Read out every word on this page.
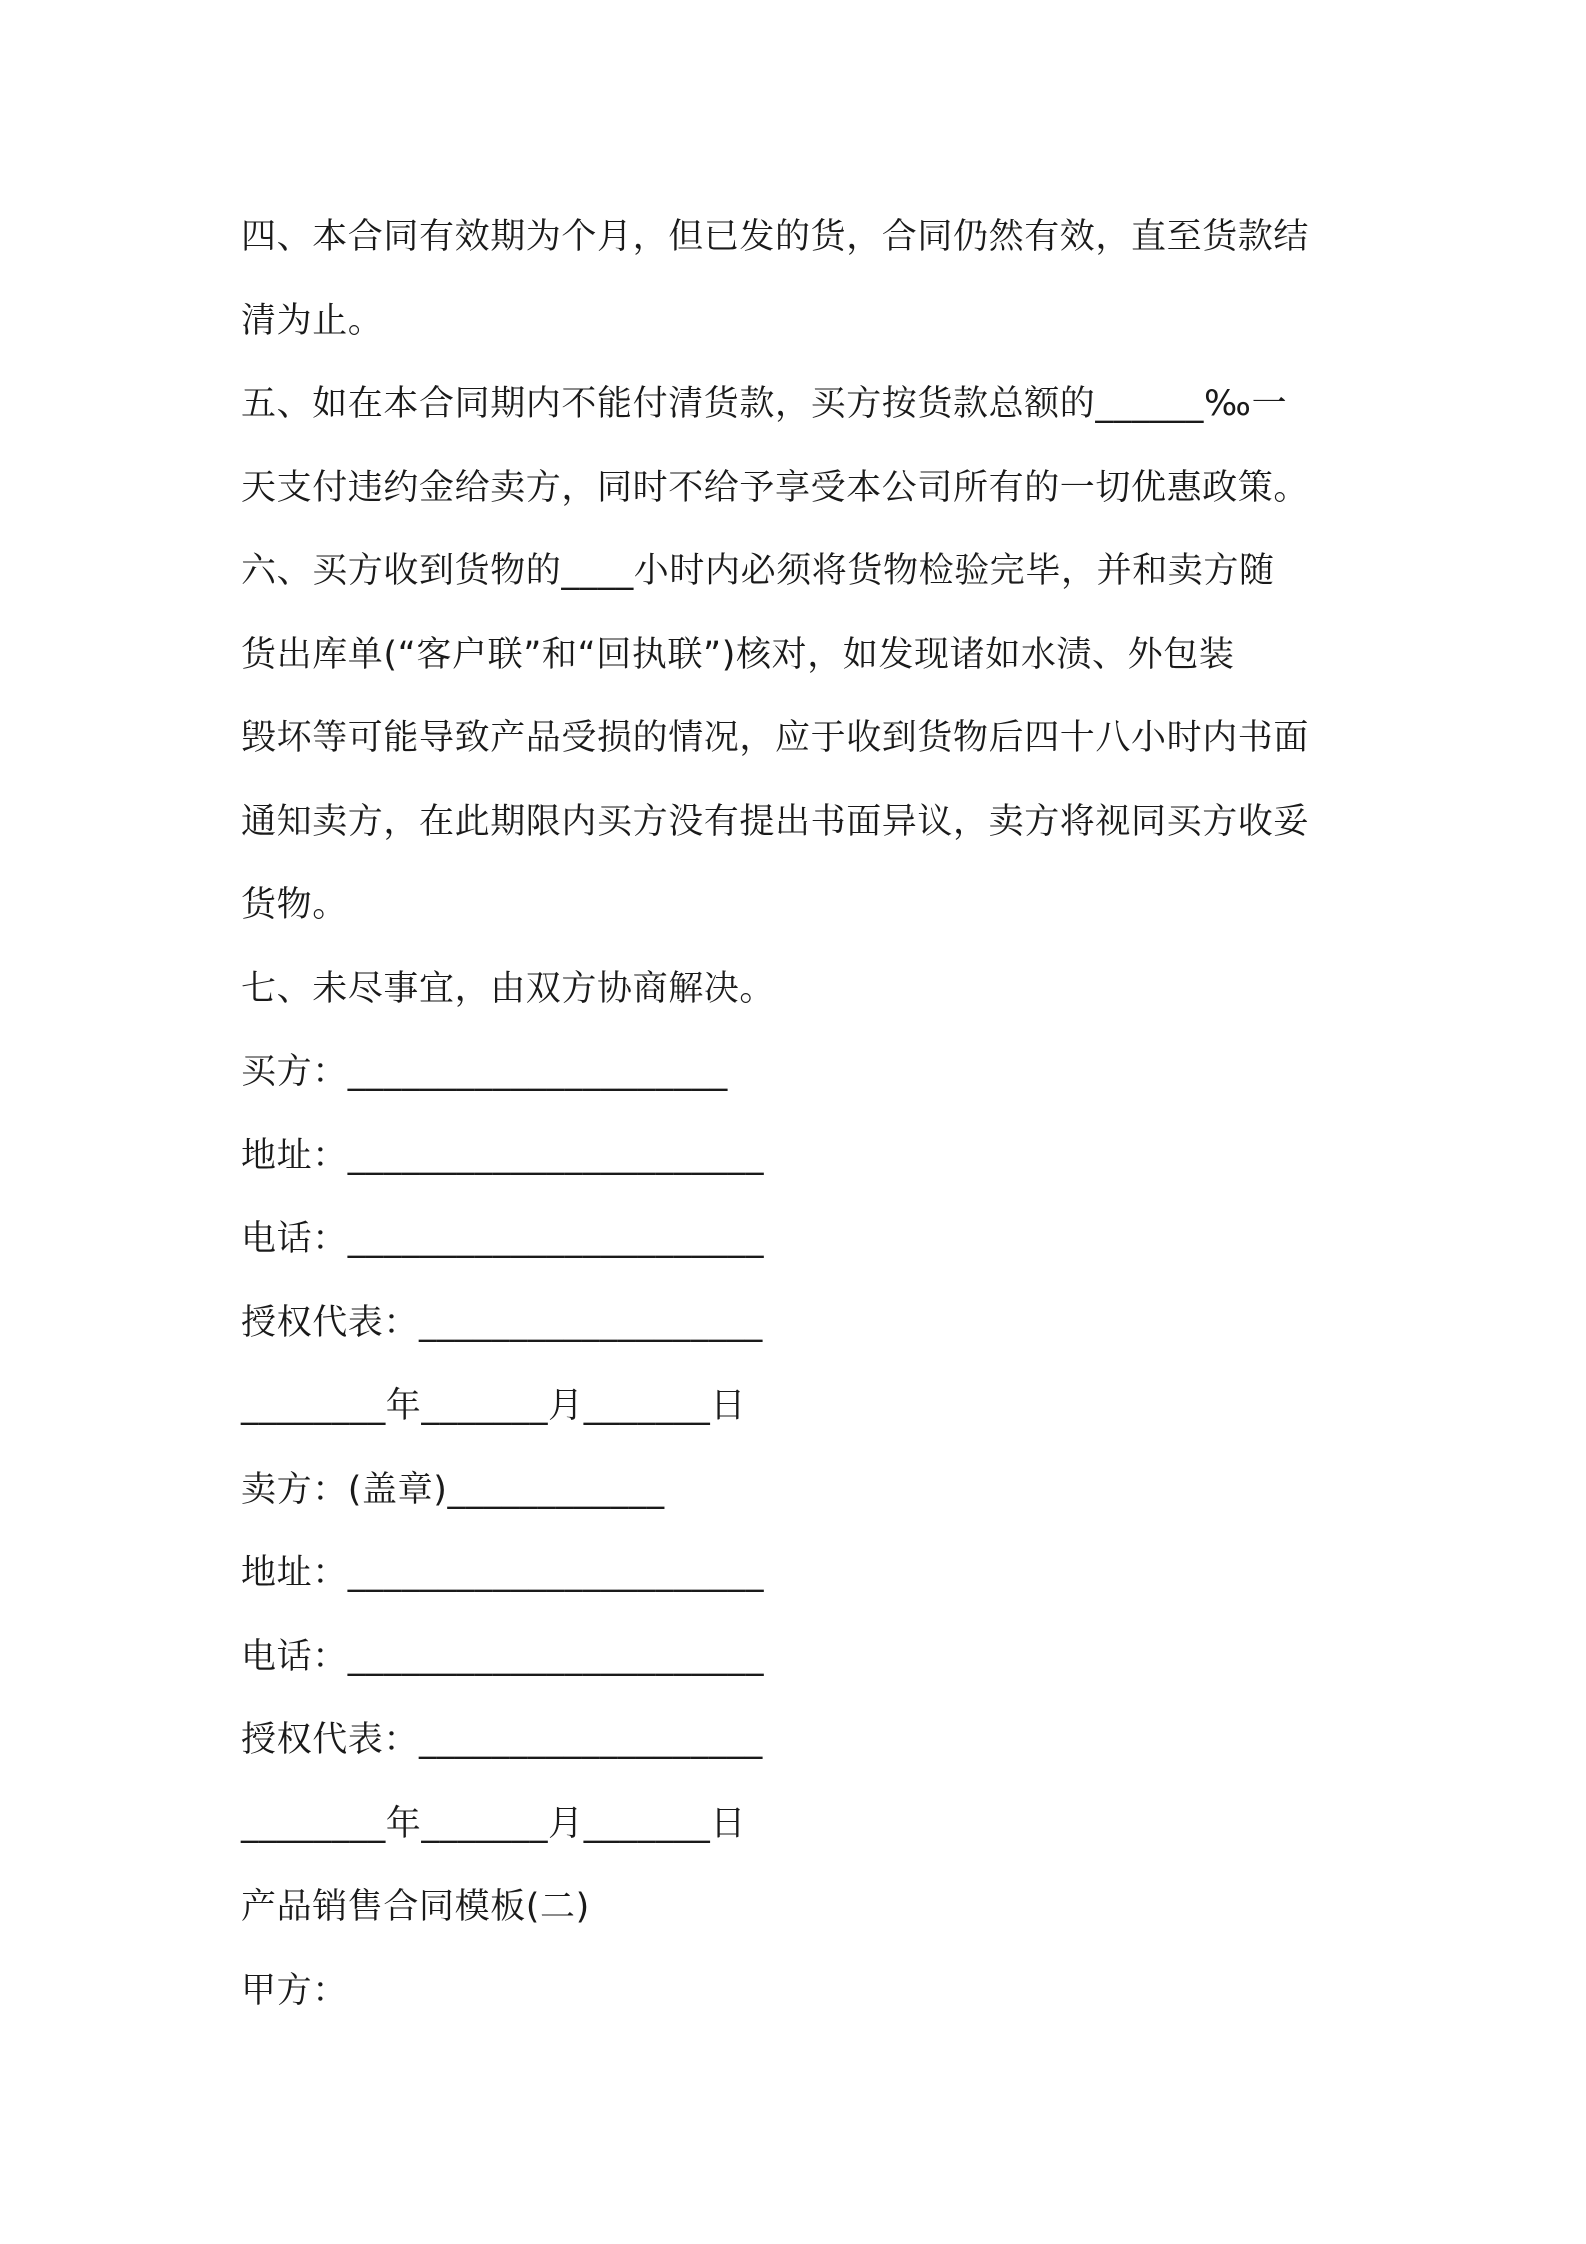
四、本合同有效期为个月，但已发的货，合同仍然有效，直至货款结
清为止。
五、如在本合同期内不能付清货款，买方按货款总额的______‰一
天支付违约金给卖方，同时不给予享受本公司所有的一切优惠政策。
六、买方收到货物的____小时内必须将货物检验完毕，并和卖方随
货出库单(“客户联”和“回执联”)核对，如发现诸如水渍、外包装
毁坏等可能导致产品受损的情况，应于收到货物后四十八小时内书面
通知卖方，在此期限内买方没有提出书面异议，卖方将视同买方收妥
货物。
七、未尽事宜，由双方协商解决。
买方：_____________________
地址：_______________________
电话：_______________________
授权代表：___________________
________年_______月_______日
卖方：(盖章)____________
地址：_______________________
电话：_______________________
授权代表：___________________
________年_______月_______日
产品销售合同模板(二)
甲方：
